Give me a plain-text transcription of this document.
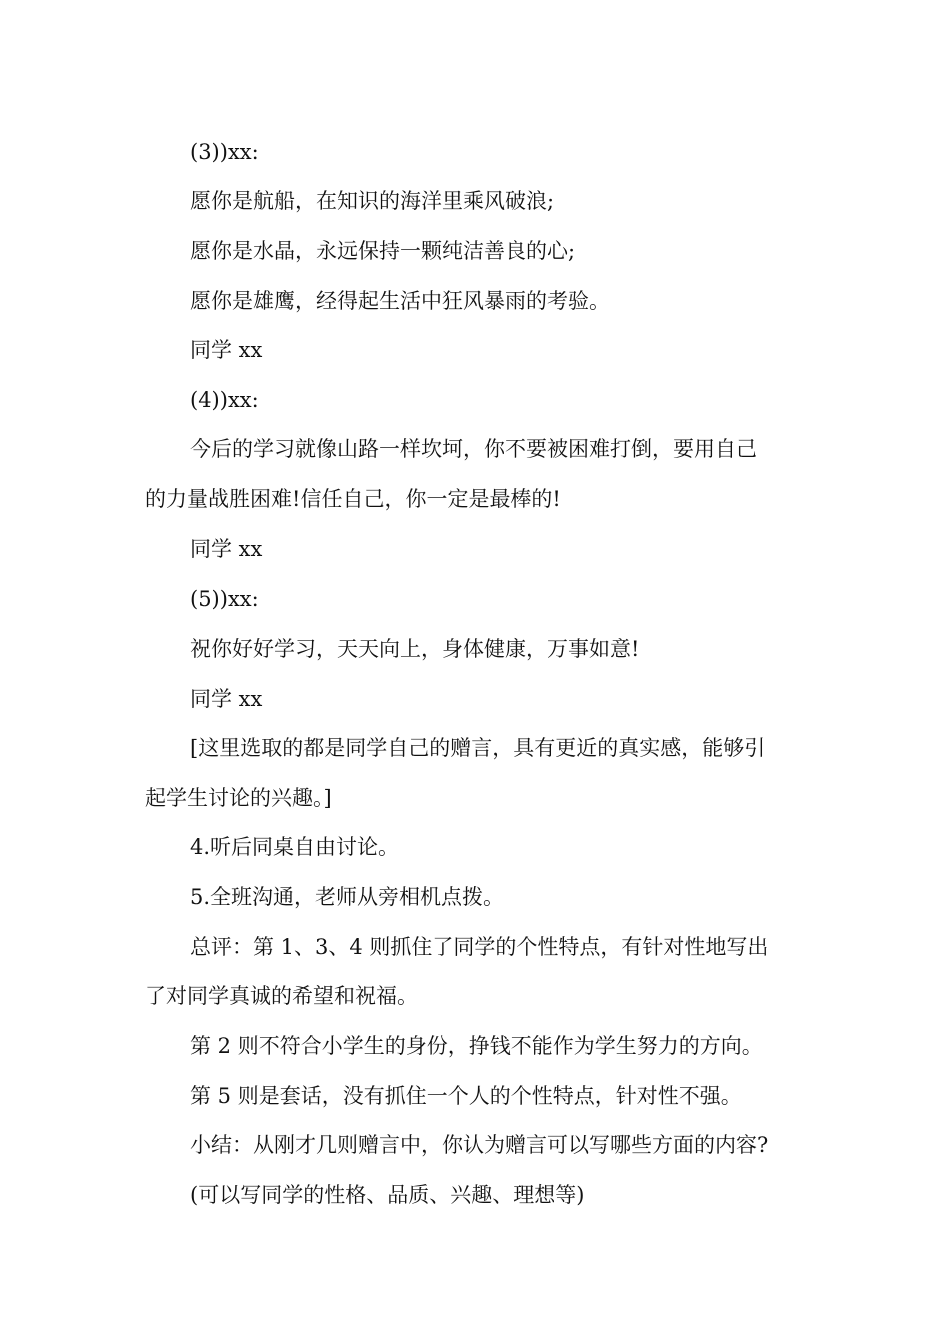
(3))xx:
愿你是航船，在知识的海洋里乘风破浪;
愿你是水晶，永远保持一颗纯洁善良的心;
愿你是雄鹰，经得起生活中狂风暴雨的考验。
同学 xx
(4))xx:
今后的学习就像山路一样坎坷，你不要被困难打倒，要用自己
的力量战胜困难!信任自己，你一定是最棒的!
同学 xx
(5))xx:
祝你好好学习，天天向上，身体健康，万事如意!
同学 xx
[这里选取的都是同学自己的赠言，具有更近的真实感，能够引
起学生讨论的兴趣。]
4.听后同桌自由讨论。
5.全班沟通，老师从旁相机点拨。
总评：第 1、3、4 则抓住了同学的个性特点，有针对性地写出
了对同学真诚的希望和祝福。
第 2 则不符合小学生的身份，挣钱不能作为学生努力的方向。
第 5 则是套话，没有抓住一个人的个性特点，针对性不强。
小结：从刚才几则赠言中，你认为赠言可以写哪些方面的内容?
(可以写同学的性格、品质、兴趣、理想等)
